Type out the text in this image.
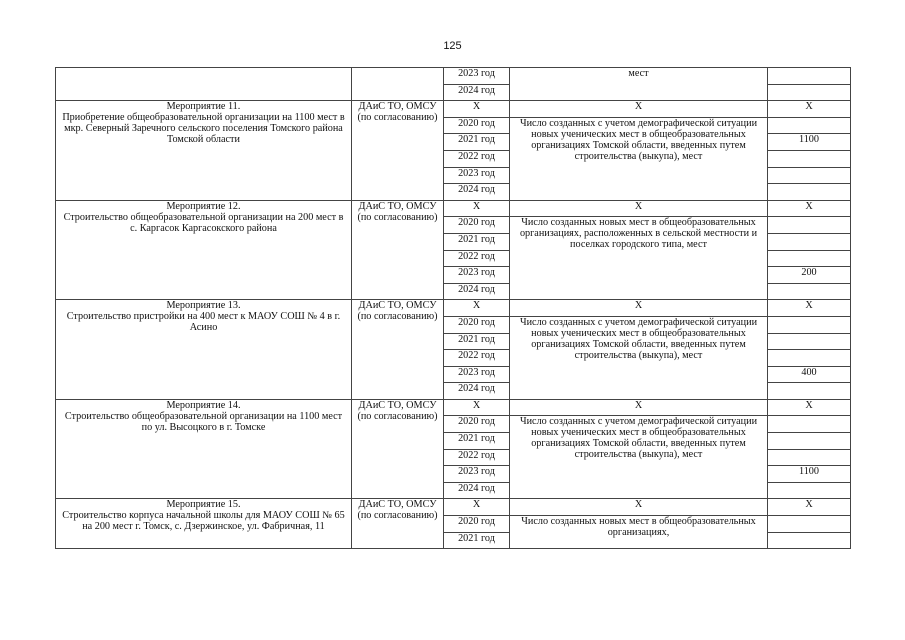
125
		2023 год	мест	
		2024 год		

Мероприятие 11.
Приобретение общеобразовательной организации на 1100 мест в мкр. Северный Заречного сельского поселения Томского района Томской области	ДАиС ТО, ОМСУ (по согласованию)	Х	Х	Х
		2020 год	Число созданных с учетом демографической ситуации новых ученических мест в общеобразовательных организациях Томской области, введенных путем строительства (выкупа), мест	
		2021 год		1100
		2022 год		
		2023 год		
		2024 год		

Мероприятие 12.
Строительство общеобразовательной организации на 200 мест в с. Каргасок Каргасокского района	ДАиС ТО, ОМСУ (по согласованию)	Х	Х	Х
		2020 год	Число созданных новых мест в общеобразовательных организациях, расположенных в сельской местности и поселках городского типа, мест	
		2021 год		
		2022 год		
		2023 год		200
		2024 год		

Мероприятие 13.
Строительство пристройки на 400 мест к МАОУ СОШ № 4 в г. Асино	ДАиС ТО, ОМСУ (по согласованию)	Х	Х	Х
		2020 год	Число созданных с учетом демографической ситуации новых ученических мест в общеобразовательных организациях Томской области, введенных путем строительства (выкупа), мест	
		2021 год		
		2022 год		
		2023 год		400
		2024 год		

Мероприятие 14.
Строительство общеобразовательной организации на 1100 мест по ул. Высоцкого в г. Томске	ДАиС ТО, ОМСУ (по согласованию)	Х	Х	Х
		2020 год	Число созданных с учетом демографической ситуации новых ученических мест в общеобразовательных организациях Томской области, введенных путем строительства (выкупа), мест	
		2021 год		
		2022 год		
		2023 год		1100
		2024 год		

Мероприятие 15.
Строительство корпуса начальной школы для МАОУ СОШ № 65 на 200 мест г. Томск, с. Дзержинское, ул. Фабричная, 11	ДАиС ТО, ОМСУ (по согласованию)	Х	Х	Х
		2020 год	Число созданных новых мест в общеобразовательных организациях,	
		2021 год		
